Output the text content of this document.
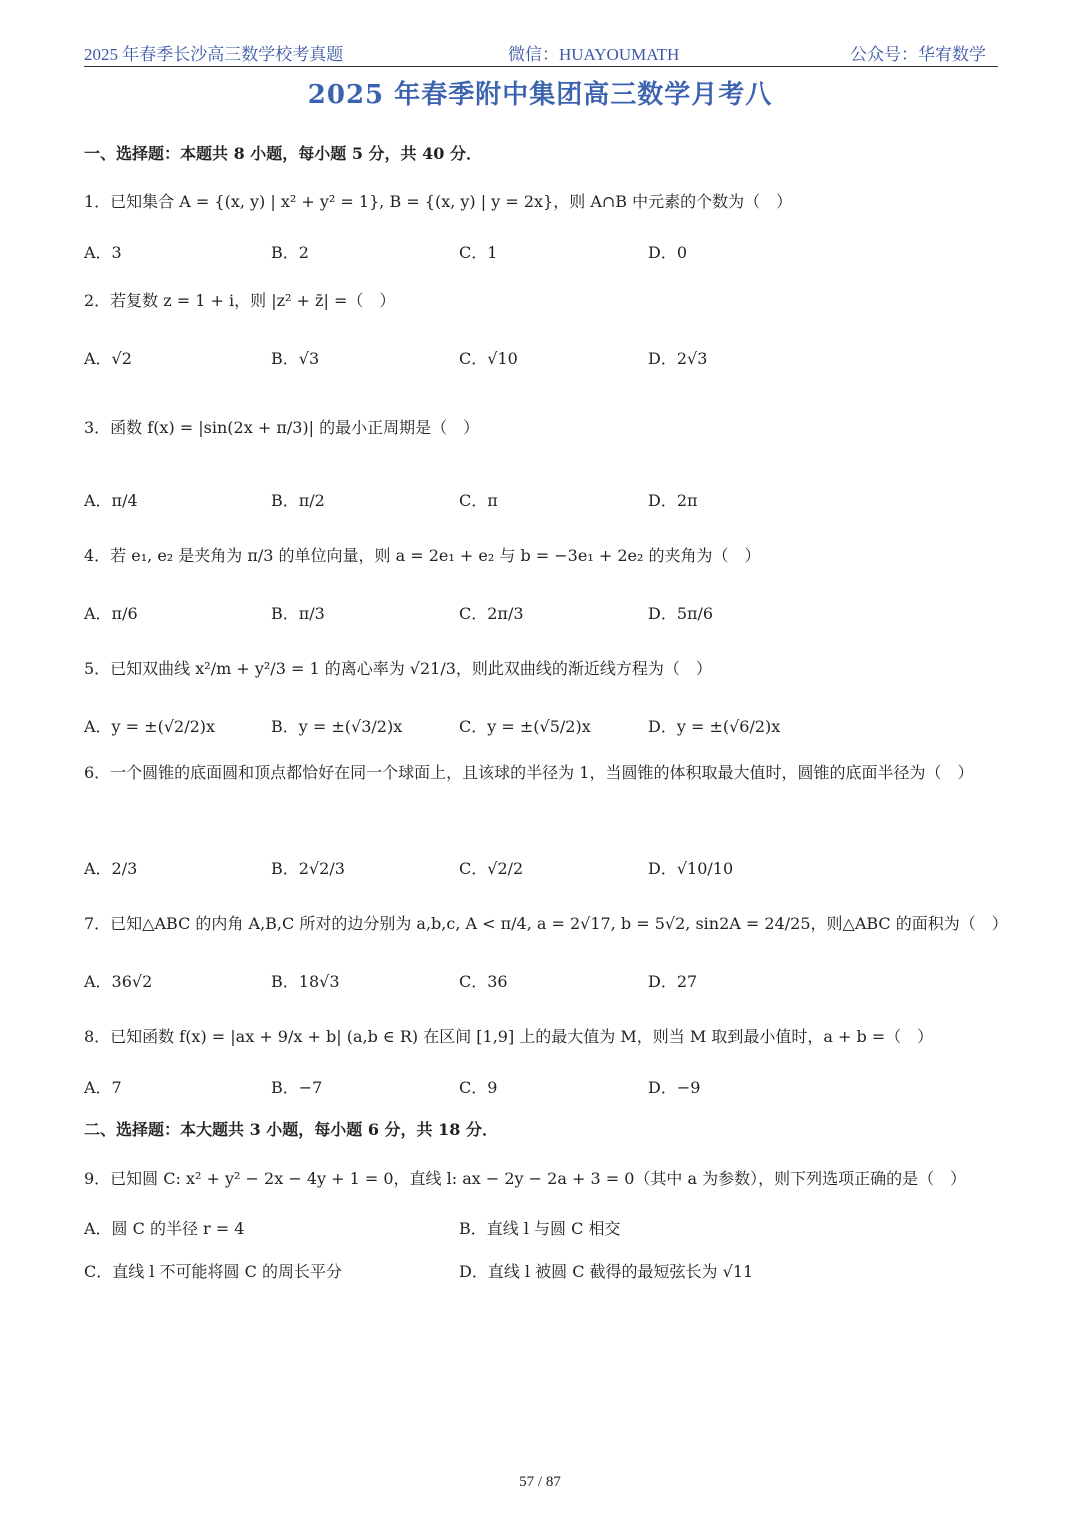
2025 年春季长沙高三数学校考真题	微信：HUAYOUMATH	公众号：华宥数学
2025 年春季附中集团高三数学月考八
一、选择题：本题共 8 小题，每小题 5 分，共 40 分．
1．已知集合 A = {(x, y) | x² + y² = 1}, B = {(x, y) | y = 2x}，则 A∩B 中元素的个数为（　）
A．3	B．2	C．1	D．0
2．若复数 z = 1 + i，则 |z² + z̄| =（　）
A．√2	B．√3	C．√10	D．2√3
3．函数 f(x) = |sin(2x + π/3)| 的最小正周期是（　）
A．π/4	B．π/2	C．π	D．2π
4．若 e₁, e₂ 是夹角为 π/3 的单位向量，则 a = 2e₁ + e₂ 与 b = −3e₁ + 2e₂ 的夹角为（　）
A．π/6	B．π/3	C．2π/3	D．5π/6
5．已知双曲线 x²/m + y²/3 = 1 的离心率为 √21/3，则此双曲线的渐近线方程为（　）
A．y = ±(√2/2)x	B．y = ±(√3/2)x	C．y = ±(√5/2)x	D．y = ±(√6/2)x
6．一个圆锥的底面圆和顶点都恰好在同一个球面上，且该球的半径为 1，当圆锥的体积取最大值时，圆锥的底面半径为（　）
A．2/3	B．2√2/3	C．√2/2	D．√10/10
7．已知△ABC 的内角 A,B,C 所对的边分别为 a,b,c, A < π/4, a = 2√17, b = 5√2, sin2A = 24/25，则△ABC 的面积为（　）
A．36√2	B．18√3	C．36	D．27
8．已知函数 f(x) = |ax + 9/x + b| (a,b ∈ R) 在区间 [1,9] 上的最大值为 M，则当 M 取到最小值时，a + b =（　）
A．7	B．−7	C．9	D．−9
二、选择题：本大题共 3 小题，每小题 6 分，共 18 分．
9．已知圆 C: x² + y² − 2x − 4y + 1 = 0，直线 l: ax − 2y − 2a + 3 = 0（其中 a 为参数），则下列选项正确的是（　）
A．圆 C 的半径 r = 4	B．直线 l 与圆 C 相交
C．直线 l 不可能将圆 C 的周长平分	D．直线 l 被圆 C 截得的最短弦长为 √11
57 / 87
